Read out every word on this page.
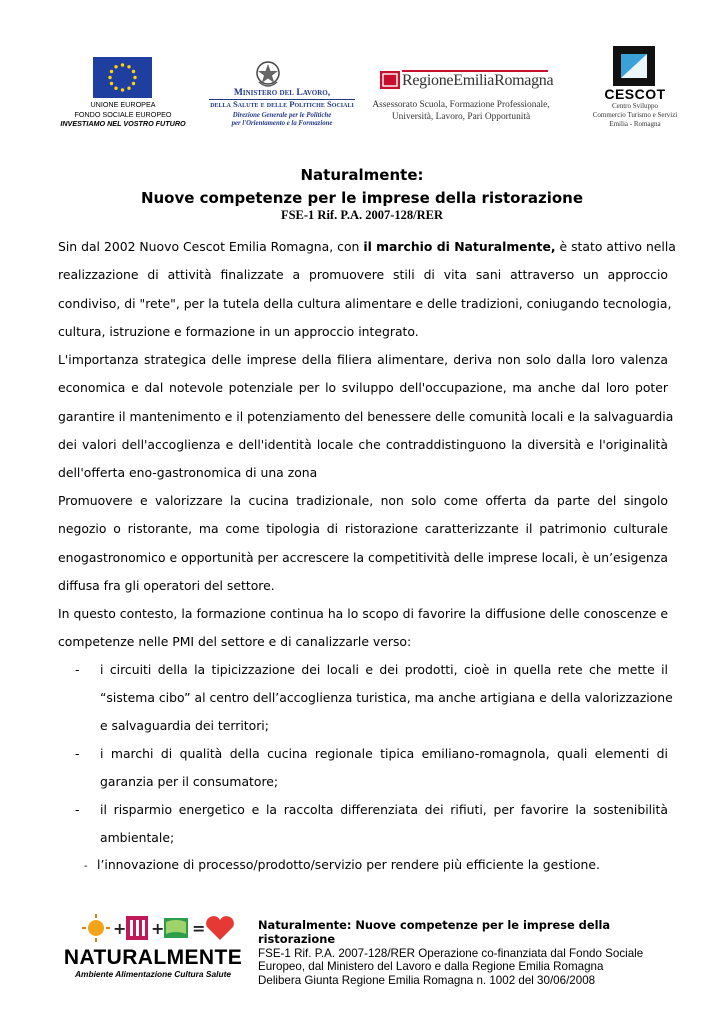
UNIONE EUROPEA
FONDO SOCIALE EUROPEO
INVESTIAMO NEL VOSTRO FUTURO
Ministero del Lavoro,
della Salute e delle Politiche Sociali
Direzione Generale per le Politiche
per l'Orientamento e la Formazione
RegioneEmiliaRomagna
Assessorato Scuola, Formazione Professionale,
Università, Lavoro, Pari Opportunità
CESCOT
Centro Sviluppo
Commercio Turismo e Servizi
Emilia - Romagna
Naturalmente:
Nuove competenze per le imprese della ristorazione
FSE-1 Rif. P.A. 2007-128/RER
Sin dal 2002 Nuovo Cescot Emilia Romagna, con il marchio di Naturalmente, è stato attivo nella
realizzazione di attività finalizzate a promuovere stili di vita sani attraverso un approccio
condiviso, di "rete", per la tutela della cultura alimentare e delle tradizioni, coniugando tecnologia,
cultura, istruzione e formazione in un approccio integrato.
L'importanza strategica delle imprese della filiera alimentare, deriva non solo dalla loro valenza
economica e dal notevole potenziale per lo sviluppo dell'occupazione, ma anche dal loro poter
garantire il mantenimento e il potenziamento del benessere delle comunità locali e la salvaguardia
dei valori dell'accoglienza e dell'identità locale che contraddistinguono la diversità e l'originalità
dell'offerta eno-gastronomica di una zona
Promuovere e valorizzare la cucina tradizionale, non solo come offerta da parte del singolo
negozio o ristorante, ma come tipologia di ristorazione caratterizzante il patrimonio culturale
enogastronomico e opportunità per accrescere la competitività delle imprese locali, è un’esigenza
diffusa fra gli operatori del settore.
In questo contesto, la formazione continua ha lo scopo di favorire la diffusione delle conoscenze e
competenze nelle PMI del settore e di canalizzarle verso:
- i circuiti della la tipicizzazione dei locali e dei prodotti, cioè in quella rete che mette il
“sistema cibo” al centro dell’accoglienza turistica, ma anche artigiana e della valorizzazione
e salvaguardia dei territori;
- i marchi di qualità della cucina regionale tipica emiliano-romagnola, quali elementi di
garanzia per il consumatore;
- il risparmio energetico e la raccolta differenziata dei rifiuti, per favorire la sostenibilità
ambientale;
- l’innovazione di processo/prodotto/servizio per rendere più efficiente la gestione.
+ + =
NATURALMENTE
Ambiente Alimentazione Cultura Salute
Naturalmente: Nuove competenze per le imprese della ristorazione
FSE-1 Rif. P.A. 2007-128/RER Operazione co-finanziata dal Fondo Sociale
Europeo, dal Ministero del Lavoro e dalla Regione Emilia Romagna
Delibera Giunta Regione Emilia Romagna n. 1002 del 30/06/2008
